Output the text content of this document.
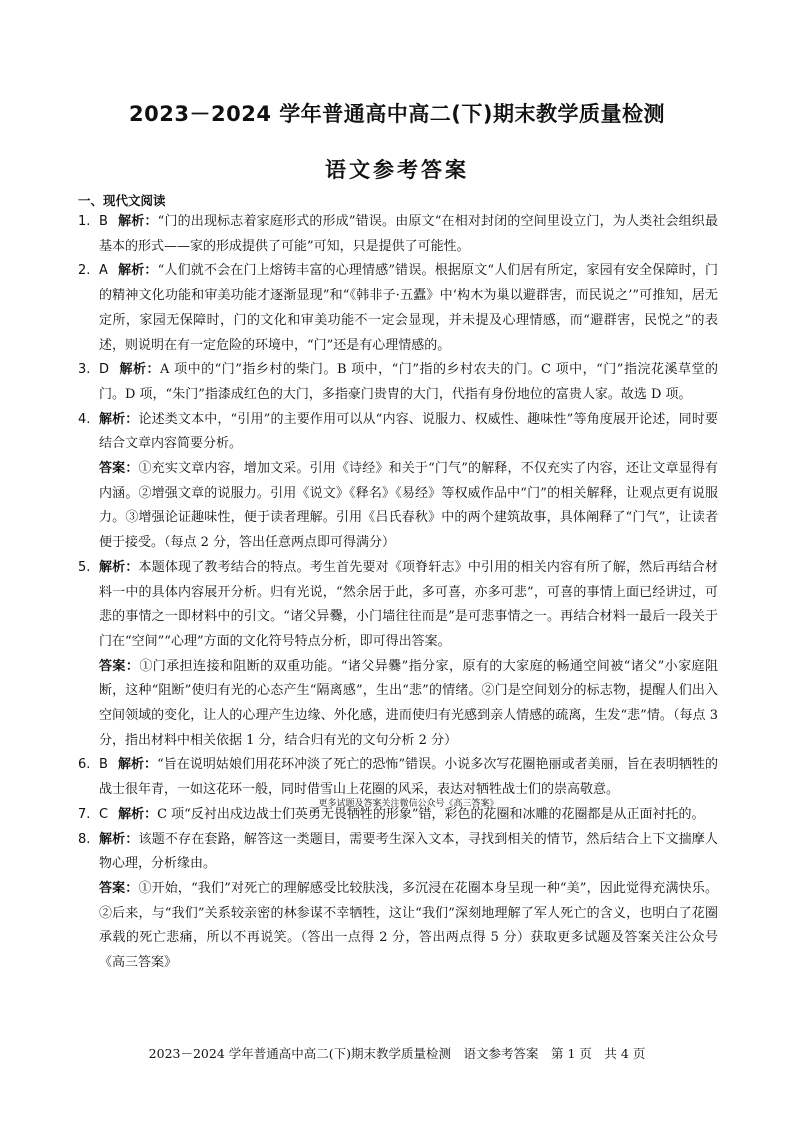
2023－2024 学年普通高中高二(下)期末教学质量检测
语文参考答案
一、现代文阅读
1. B 解析：“门的出现标志着家庭形式的形成”错误。由原文“在相对封闭的空间里设立门，为人类社会组织最基本的形式——家的形成提供了可能”可知，只是提供了可能性。

2. A 解析：“人们就不会在门上熔铸丰富的心理情感”错误。根据原文“人们居有所定，家园有安全保障时，门的精神文化功能和审美功能才逐渐显现”和“《韩非子·五蠹》中‘构木为巢以避群害，而民说之’”可推知，居无定所，家园无保障时，门的文化和审美功能不一定会显现，并未提及心理情感，而“避群害，民悦之”的表述，则说明在有一定危险的环境中，“门”还是有心理情感的。

3. D 解析：A 项中的“门”指乡村的柴门。B 项中，“门”指的乡村农夫的门。C 项中，“门”指浣花溪草堂的门。D 项，“朱门”指漆成红色的大门，多指豪门贵胄的大门，代指有身份地位的富贵人家。故选 D 项。

4. 解析：论述类文本中，“引用”的主要作用可以从“内容、说服力、权威性、趣味性”等角度展开论述，同时要结合文章内容简要分析。

答案：①充实文章内容，增加文采。引用《诗经》和关于“门气”的解释，不仅充实了内容，还让文章显得有内涵。②增强文章的说服力。引用《说文》《释名》《易经》等权威作品中“门”的相关解释，让观点更有说服力。③增强论证趣味性，便于读者理解。引用《吕氏春秋》中的两个建筑故事，具体阐释了“门气”，让读者便于接受。（每点 2 分，答出任意两点即可得满分）

5. 解析：本题体现了教考结合的特点。考生首先要对《项脊轩志》中引用的相关内容有所了解，然后再结合材料一中的具体内容展开分析。归有光说，“然余居于此，多可喜，亦多可悲”，可喜的事情上面已经讲过，可悲的事情之一即材料中的引文。“诸父异爨，小门墙往往而是”是可悲事情之一。再结合材料一最后一段关于门在“空间”“心理”方面的文化符号特点分析，即可得出答案。

答案：①门承担连接和阻断的双重功能。“诸父异爨”指分家，原有的大家庭的畅通空间被“诸父”小家庭阻断，这种“阻断”使归有光的心态产生“隔离感”，生出“悲”的情绪。②门是空间划分的标志物，提醒人们出入空间领域的变化，让人的心理产生边缘、外化感，进而使归有光感到亲人情感的疏离，生发“悲”情。（每点 3 分，指出材料中相关依据 1 分，结合归有光的文句分析 2 分）

6. B 解析：“旨在说明姑娘们用花环冲淡了死亡的恐怖”错误。小说多次写花圈艳丽或者美丽，旨在表明牺牲的战士很年青，一如这花环一般，同时借雪山上花圈的风采，表达对牺牲战士们的崇高敬意。

更多试题及答案关注微信公众号《高三答案》
7. C 解析：C 项“反衬出戍边战士们英勇无畏牺牲的形象”错，彩色的花圈和冰雕的花圈都是从正面衬托的。

8. 解析：该题不存在套路，解答这一类题目，需要考生深入文本，寻找到相关的情节，然后结合上下文揣摩人物心理，分析缘由。

答案：①开始，“我们”对死亡的理解感受比较肤浅，多沉浸在花圈本身呈现一种“美”，因此觉得充满快乐。②后来，与“我们”关系较亲密的林参谋不幸牺牲，这让“我们”深刻地理解了军人死亡的含义，也明白了花圈承载的死亡悲痛，所以不再说笑。（答出一点得 2 分，答出两点得 5 分）获取更多试题及答案关注公众号《高三答案》

2023－2024 学年普通高中高二(下)期末教学质量检测　语文参考答案　第 1 页　共 4 页
